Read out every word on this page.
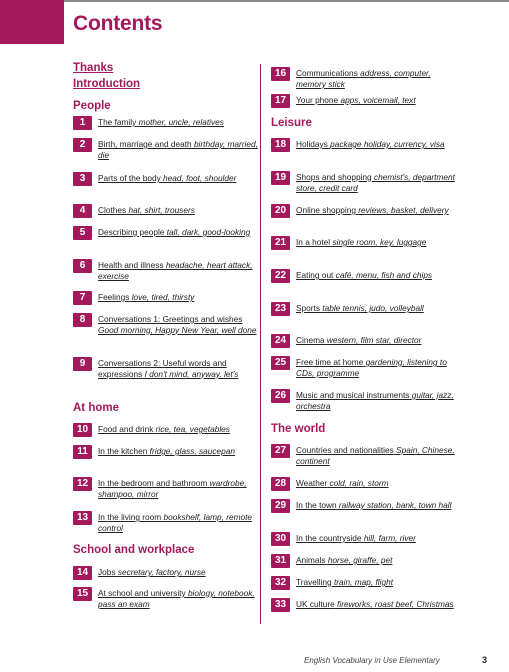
Contents
Thanks
Introduction
People
At home
School and workplace
Leisure
The world
English Vocabulary in Use Elementary	3
1	The family mother, uncle, relatives
2	Birth, marriage and death birthday, married, die
3	Parts of the body head, foot, shoulder
4	Clothes hat, shirt, trousers
5	Describing people tall, dark, good-looking
6	Health and illness headache, heart attack, exercise
7	Feelings love, tired, thirsty
8	Conversations 1: Greetings and wishes Good morning, Happy New Year, well done
9	Conversations 2: Useful words and expressions I don't mind, anyway, let's
10	Food and drink rice, tea, vegetables
11	In the kitchen fridge, glass, saucepan
12	In the bedroom and bathroom wardrobe, shampoo, mirror
13	In the living room bookshelf, lamp, remote control
14	Jobs secretary, factory, nurse
15	At school and university biology, notebook, pass an exam
16	Communications address, computer, memory stick
17	Your phone apps, voicemail, text
18	Holidays package holiday, currency, visa
19	Shops and shopping chemist's, department store, credit card
20	Online shopping reviews, basket, delivery
21	In a hotel single room, key, luggage
22	Eating out café, menu, fish and chips
23	Sports table tennis, judo, volleyball
24	Cinema western, film star, director
25	Free time at home gardening, listening to CDs, programme
26	Music and musical instruments guitar, jazz, orchestra
27	Countries and nationalities Spain, Chinese, continent
28	Weather cold, rain, storm
29	In the town railway station, bank, town hall
30	In the countryside hill, farm, river
31	Animals horse, giraffe, pet
32	Travelling train, map, flight
33	UK culture fireworks, roast beef, Christmas
